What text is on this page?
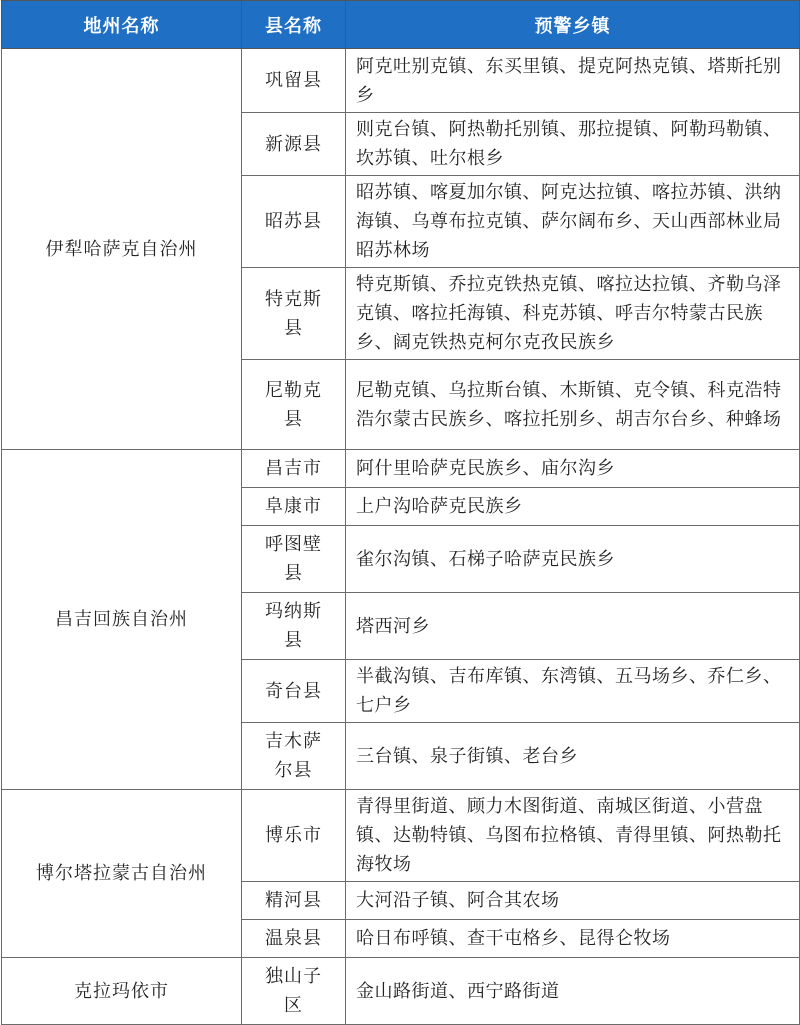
地州名称	县名称	预警乡镇
伊犁哈萨克自治州	巩留县	阿克吐别克镇、东买里镇、提克阿热克镇、塔斯托别乡
	新源县	则克台镇、阿热勒托别镇、那拉提镇、阿勒玛勒镇、坎苏镇、吐尔根乡
	昭苏县	昭苏镇、喀夏加尔镇、阿克达拉镇、喀拉苏镇、洪纳海镇、乌尊布拉克镇、萨尔阔布乡、天山西部林业局昭苏林场
	特克斯县	特克斯镇、乔拉克铁热克镇、喀拉达拉镇、齐勒乌泽克镇、喀拉托海镇、科克苏镇、呼吉尔特蒙古民族乡、阔克铁热克柯尔克孜民族乡
	尼勒克县	尼勒克镇、乌拉斯台镇、木斯镇、克令镇、科克浩特浩尔蒙古民族乡、喀拉托别乡、胡吉尔台乡、种蜂场
昌吉回族自治州	昌吉市	阿什里哈萨克民族乡、庙尔沟乡
	阜康市	上户沟哈萨克民族乡
	呼图壁县	雀尔沟镇、石梯子哈萨克民族乡
	玛纳斯县	塔西河乡
	奇台县	半截沟镇、吉布库镇、东湾镇、五马场乡、乔仁乡、七户乡
	吉木萨尔县	三台镇、泉子街镇、老台乡
博尔塔拉蒙古自治州	博乐市	青得里街道、顾力木图街道、南城区街道、小营盘镇、达勒特镇、乌图布拉格镇、青得里镇、阿热勒托海牧场
	精河县	大河沿子镇、阿合其农场
	温泉县	哈日布呼镇、查干屯格乡、昆得仑牧场
克拉玛依市	独山子区	金山路街道、西宁路街道
